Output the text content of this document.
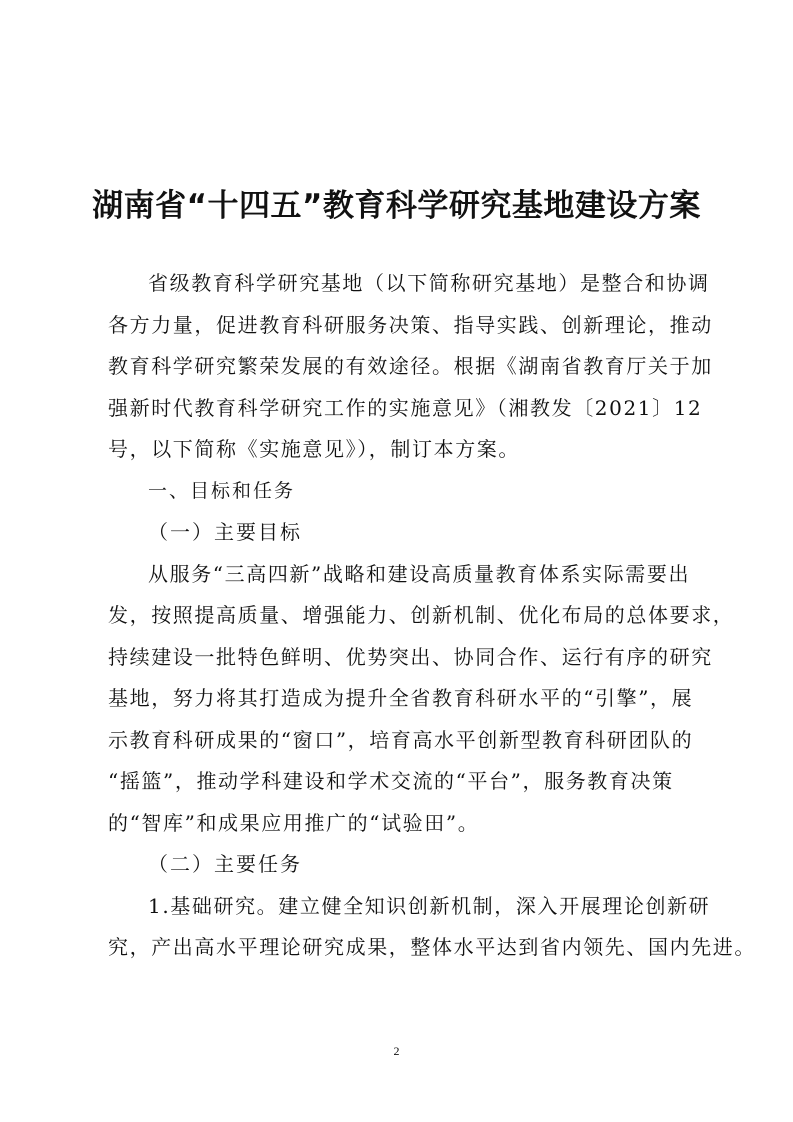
湖南省“十四五”教育科学研究基地建设方案

省级教育科学研究基地（以下简称研究基地）是整合和协调

各方力量，促进教育科研服务决策、指导实践、创新理论，推动

教育科学研究繁荣发展的有效途径。根据《湖南省教育厅关于加

强新时代教育科学研究工作的实施意见》（湘教发〔2021〕12

号，以下简称《实施意见》），制订本方案。

一、目标和任务

（一）主要目标

从服务“三高四新”战略和建设高质量教育体系实际需要出

发，按照提高质量、增强能力、创新机制、优化布局的总体要求，

持续建设一批特色鲜明、优势突出、协同合作、运行有序的研究

基地，努力将其打造成为提升全省教育科研水平的“引擎”，展

示教育科研成果的“窗口”，培育高水平创新型教育科研团队的

“摇篮”，推动学科建设和学术交流的“平台”，服务教育决策

的“智库”和成果应用推广的“试验田”。

（二）主要任务

1.基础研究。建立健全知识创新机制，深入开展理论创新研

究，产出高水平理论研究成果，整体水平达到省内领先、国内先进。

2
